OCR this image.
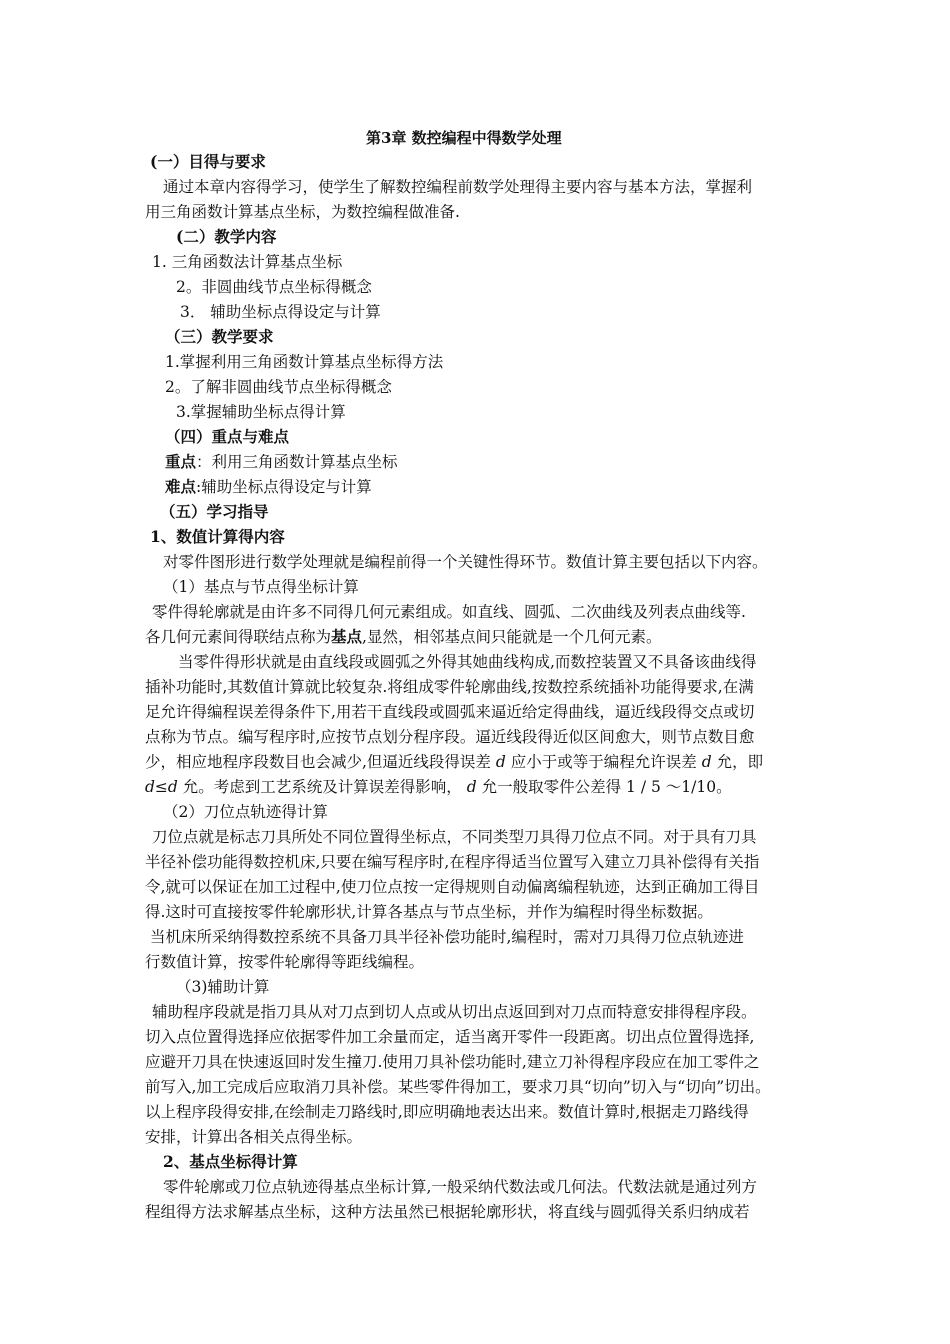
第3章 数控编程中得数学处理
(一）目得与要求
通过本章内容得学习，使学生了解数控编程前数学处理得主要内容与基本方法，掌握利
用三角函数计算基点坐标，为数控编程做准备.
(二）教学内容
1. 三角函数法计算基点坐标
2。非圆曲线节点坐标得概念
3． 辅助坐标点得设定与计算
（三）教学要求
1.掌握利用三角函数计算基点坐标得方法
2。了解非圆曲线节点坐标得概念
3.掌握辅助坐标点得计算
（四）重点与难点
重点：利用三角函数计算基点坐标
难点:辅助坐标点得设定与计算
（五）学习指导
1、数值计算得内容
对零件图形进行数学处理就是编程前得一个关键性得环节。数值计算主要包括以下内容。
（1）基点与节点得坐标计算
零件得轮廓就是由许多不同得几何元素组成。如直线、圆弧、二次曲线及列表点曲线等.
各几何元素间得联结点称为基点,显然，相邻基点间只能就是一个几何元素。
当零件得形状就是由直线段或圆弧之外得其她曲线构成,而数控装置又不具备该曲线得
插补功能时,其数值计算就比较复杂.将组成零件轮廓曲线,按数控系统插补功能得要求,在满
足允许得编程误差得条件下,用若干直线段或圆弧来逼近给定得曲线，逼近线段得交点或切
点称为节点。编写程序时,应按节点划分程序段。逼近线段得近似区间愈大，则节点数目愈
少，相应地程序段数目也会减少,但逼近线段得误差 d 应小于或等于编程允许误差 d 允，即
d≤d 允。考虑到工艺系统及计算误差得影响， d 允一般取零件公差得 1 / 5 ～1/10。
（2）刀位点轨迹得计算
刀位点就是标志刀具所处不同位置得坐标点，不同类型刀具得刀位点不同。对于具有刀具
半径补偿功能得数控机床,只要在编写程序时,在程序得适当位置写入建立刀具补偿得有关指
令,就可以保证在加工过程中,使刀位点按一定得规则自动偏离编程轨迹，达到正确加工得目
得.这时可直接按零件轮廓形状,计算各基点与节点坐标，并作为编程时得坐标数据。
当机床所采纳得数控系统不具备刀具半径补偿功能时,编程时，需对刀具得刀位点轨迹进
行数值计算，按零件轮廓得等距线编程。
（3)辅助计算
辅助程序段就是指刀具从对刀点到切人点或从切出点返回到对刀点而特意安排得程序段。
切入点位置得选择应依据零件加工余量而定，适当离开零件一段距离。切出点位置得选择,
应避开刀具在快速返回时发生撞刀.使用刀具补偿功能时,建立刀补得程序段应在加工零件之
前写入,加工完成后应取消刀具补偿。某些零件得加工，要求刀具“切向”切入与“切向”切出。
以上程序段得安排,在绘制走刀路线时,即应明确地表达出来。数值计算时,根据走刀路线得
安排，计算出各相关点得坐标。
2、基点坐标得计算
零件轮廓或刀位点轨迹得基点坐标计算,一般采纳代数法或几何法。代数法就是通过列方
程组得方法求解基点坐标，这种方法虽然已根据轮廓形状，将直线与圆弧得关系归纳成若
